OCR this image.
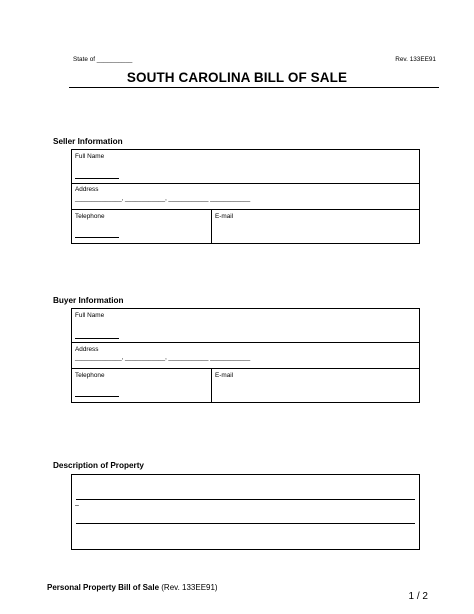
State of __________	Rev. 133EE91
SOUTH CAROLINA BILL OF SALE
Seller Information
Full Name
Address
______________, ____________, ____________ ____________
Telephone	E-mail
Buyer Information
Full Name
Address
______________, ____________, ____________ ____________
Telephone	E-mail
Description of Property
–
Personal Property Bill of Sale (Rev. 133EE91)
1 / 2
